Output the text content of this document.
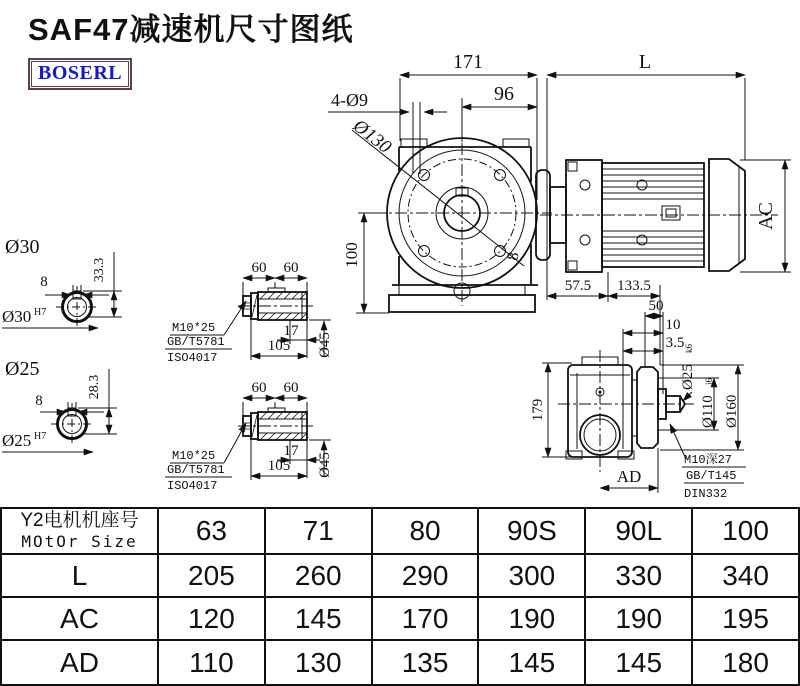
SAF47减速机尺寸图纸
BOSERL	171	L
96
4-Ø9
Ø130
100	8
AC
57.5 133.5
Ø30
8	33.3
Ø30 H7
Ø25
8
28.3
Ø25 H7
60 60
17
105 Ø45
M10*25
GB/T5781
ISO4017
60 60
17
105 Ø45
M10*25
GB/T5781
ISO4017
179
50
10
3.5
Ø25
k6
Ø110
j6
Ø160
AD
M10深27
GB/T145
DIN332
Y2电机机座号
MOtOr Size	63	71	80	90S	90L	100
L	205	260	290	300	330	340
AC	120	145	170	190	190	195
AD	110	130	135	145	145	180
